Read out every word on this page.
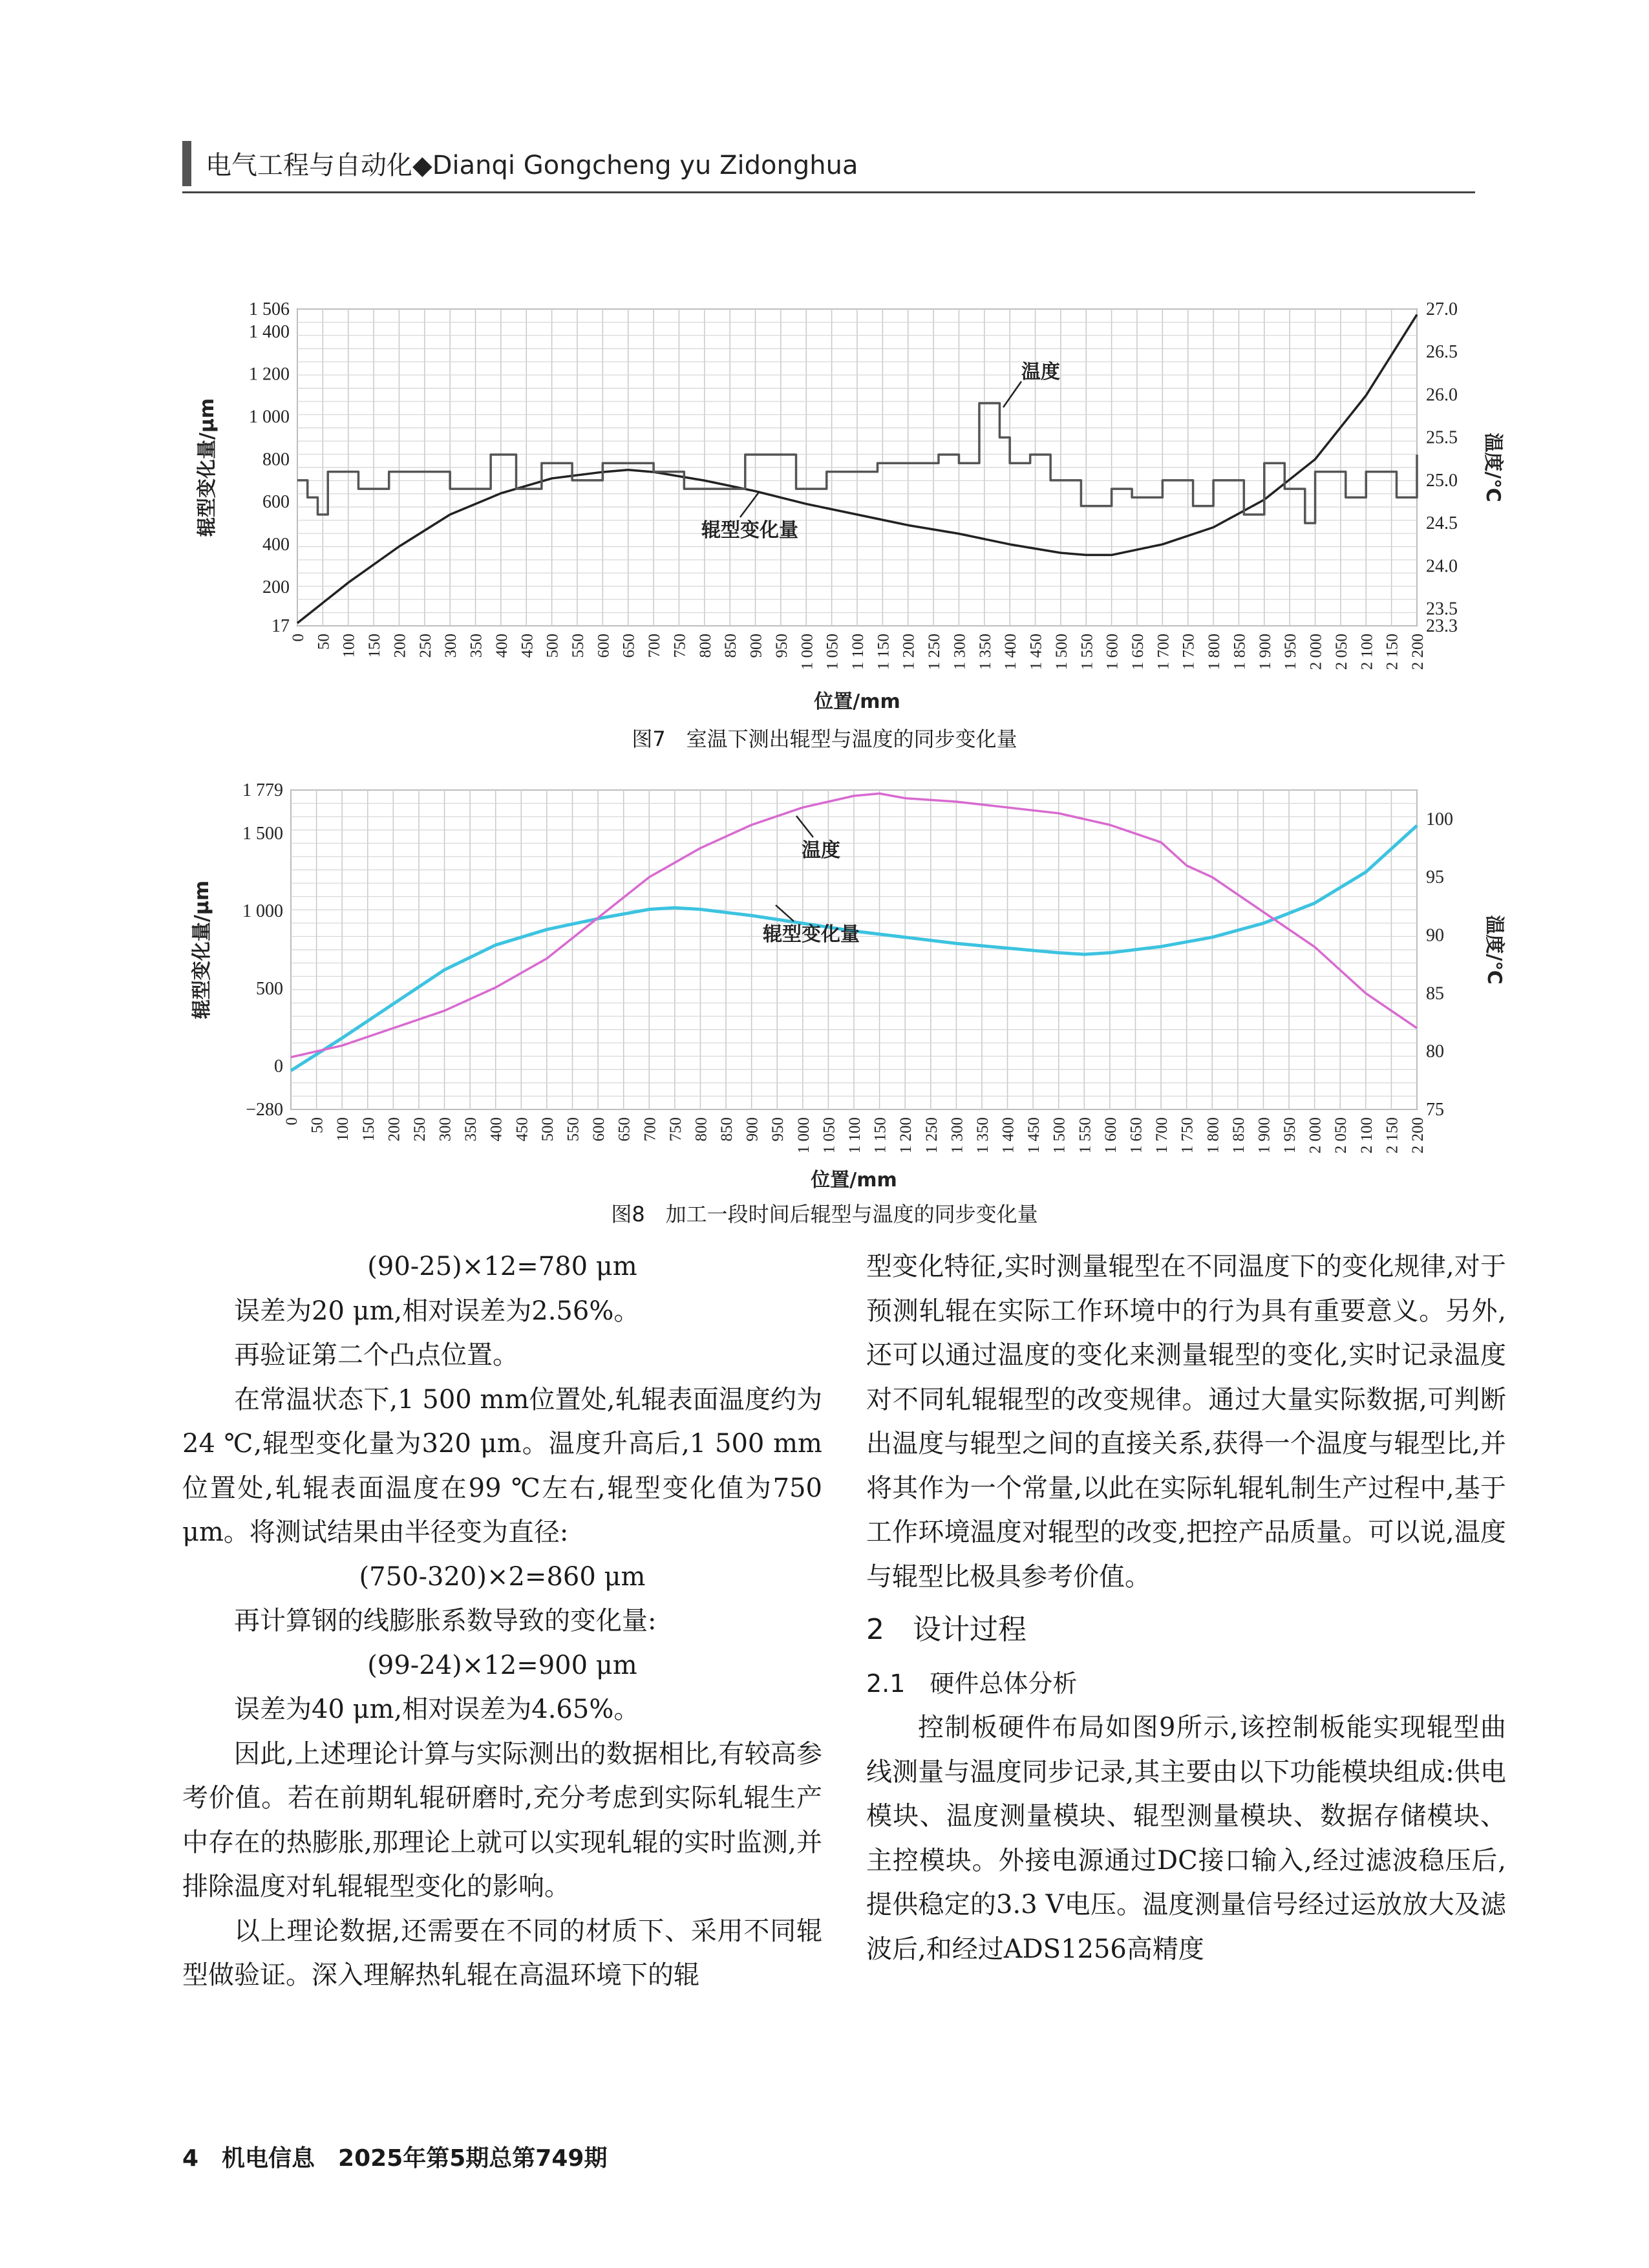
电气工程与自动化◆Dianqi Gongcheng yu Zidonghua
0 50 100 150 200 250 300 350 400 450 500 550 600 650 700 750 800 850 900 950 1 000 1 050 1 100 1 150 1 200 1 250 1 300 1 350 1 400 1 450 1 500 1 550 1 600 1 650 1 700 1 750 1 800 1 850 1 900 1 950 2 000 2 050 2 100 2 150 2 200
17
200
400
600
800
1 000
1 200
1 400
1 506
23.3
23.5
24.0
24.5
25.0
25.5
26.0
26.5
27.0
位置/mm
辊型变化量/μm	温度/℃
温度
辊型变化量
图7　室温下测出辊型与温度的同步变化量
0 50 100 150 200 250 300 350 400 450 500 550 600 650 700 750 800 850 900 950 1 000 1 050 1 100 1 150 1 200 1 250 1 300 1 350 1 400 1 450 1 500 1 550 1 600 1 650 1 700 1 750 1 800 1 850 1 900 1 950 2 000 2 050 2 100 2 150 2 200
−280
0
500
1 000
1 500
1 779
75
80
85
90
95
100
位置/mm
辊型变化量/μm	温度/℃
温度
辊型变化量
图8　加工一段时间后辊型与温度的同步变化量

(90-25)×12=780 μm

误差为20 μm,相对误差为2.56%。

再验证第二个凸点位置。

在常温状态下,1 500 mm位置处,轧辊表面温度约为24 ℃,辊型变化量为320 μm。温度升高后,1 500 mm位置处,轧辊表面温度在99 ℃左右,辊型变化值为750 μm。将测试结果由半径变为直径:

(750-320)×2=860 μm

再计算钢的线膨胀系数导致的变化量:

(99-24)×12=900 μm

误差为40 μm,相对误差为4.65%。

因此,上述理论计算与实际测出的数据相比,有较高参考价值。若在前期轧辊研磨时,充分考虑到实际轧辊生产中存在的热膨胀,那理论上就可以实现轧辊的实时监测,并排除温度对轧辊辊型变化的影响。

以上理论数据,还需要在不同的材质下、采用不同辊型做验证。深入理解热轧辊在高温环境下的辊

型变化特征,实时测量辊型在不同温度下的变化规律,对于预测轧辊在实际工作环境中的行为具有重要意义。另外,还可以通过温度的变化来测量辊型的变化,实时记录温度对不同轧辊辊型的改变规律。通过大量实际数据,可判断出温度与辊型之间的直接关系,获得一个温度与辊型比,并将其作为一个常量,以此在实际轧辊轧制生产过程中,基于工作环境温度对辊型的改变,把控产品质量。可以说,温度与辊型比极具参考价值。

2　设计过程

2.1　硬件总体分析

控制板硬件布局如图9所示,该控制板能实现辊型曲线测量与温度同步记录,其主要由以下功能模块组成:供电模块、温度测量模块、辊型测量模块、数据存储模块、主控模块。外接电源通过DC接口输入,经过滤波稳压后,提供稳定的3.3 V电压。温度测量信号经过运放放大及滤波后,和经过ADS1256高精度

4　机电信息　2025年第5期总第749期
